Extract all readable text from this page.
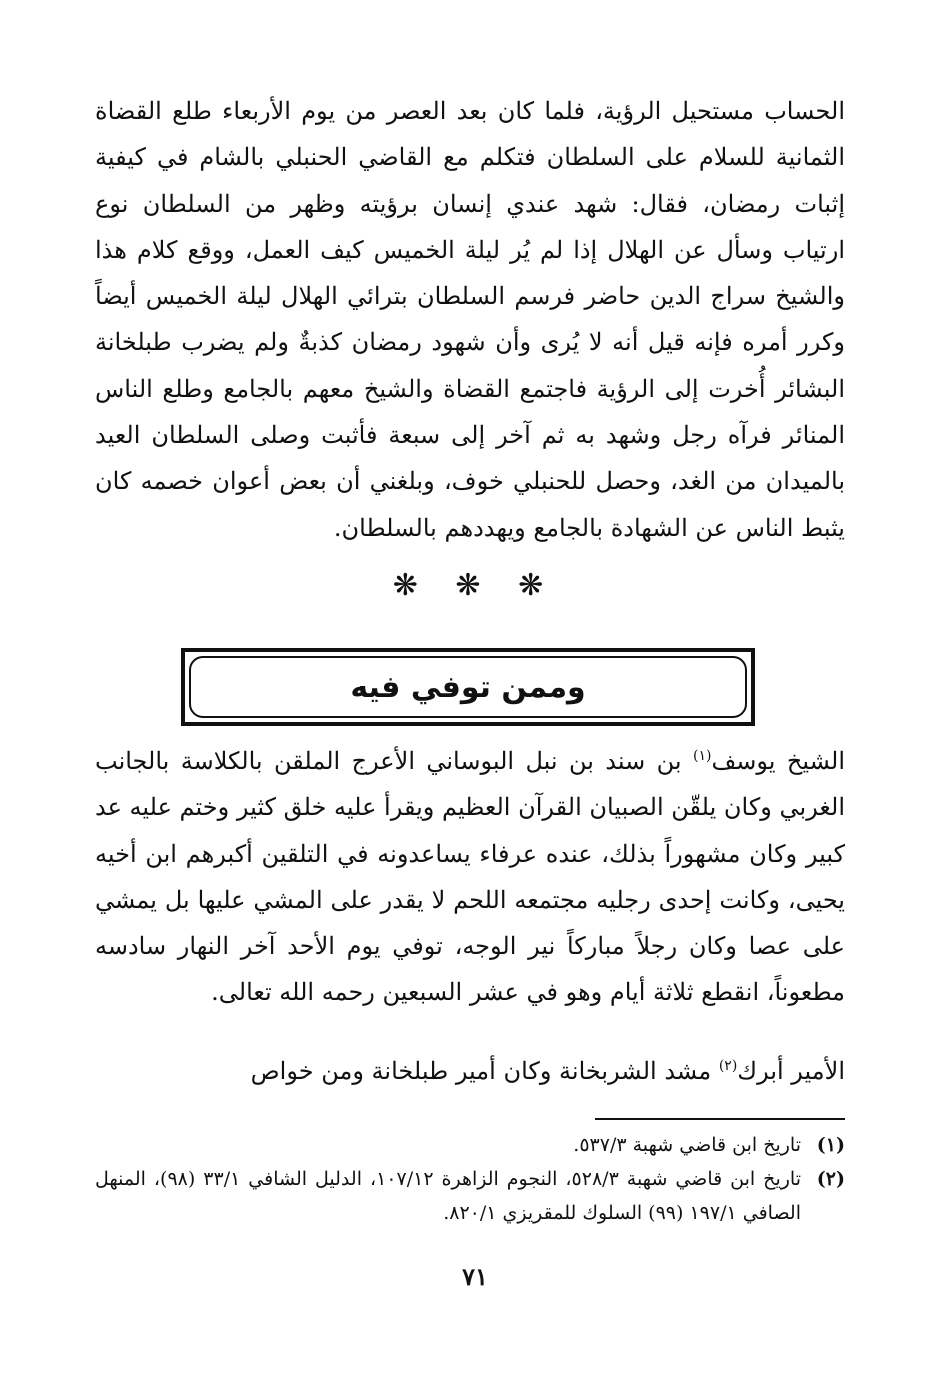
الحساب مستحيل الرؤية، فلما كان بعد العصر من يوم الأربعاء طلع القضاة الثمانية للسلام على السلطان فتكلم مع القاضي الحنبلي بالشام في كيفية إثبات رمضان، فقال: شهد عندي إنسان برؤيته وظهر من السلطان نوع ارتياب وسأل عن الهلال إذا لم يُر ليلة الخميس كيف العمل، ووقع كلام هذا والشيخ سراج الدين حاضر فرسم السلطان بترائي الهلال ليلة الخميس أيضاً وكرر أمره فإنه قيل أنه لا يُرى وأن شهود رمضان كذبةٌ ولم يضرب طبلخانة البشائر أُخرت إلى الرؤية فاجتمع القضاة والشيخ معهم بالجامع وطلع الناس المنائر فرآه رجل وشهد به ثم آخر إلى سبعة فأثبت وصلى السلطان العيد بالميدان من الغد، وحصل للحنبلي خوف، وبلغني أن بعض أعوان خصمه كان يثبط الناس عن الشهادة بالجامع ويهددهم بالسلطان.

❋ ❋ ❋
وممن توفي فيه

الشيخ يوسف$^{(١)}$ بن سند بن نبل البوساني الأعرج الملقن بالكلاسة بالجانب الغربي وكان يلقّن الصبيان القرآن العظيم ويقرأ عليه خلق كثير وختم عليه عد كبير وكان مشهوراً بذلك، عنده عرفاء يساعدونه في التلقين أكبرهم ابن أخيه يحيى، وكانت إحدى رجليه مجتمعه اللحم لا يقدر على المشي عليها بل يمشي على عصا وكان رجلاً مباركاً نير الوجه، توفي يوم الأحد آخر النهار سادسه مطعوناً، انقطع ثلاثة أيام وهو في عشر السبعين رحمه الله تعالى.

الأمير أبرك$^{(٢)}$ مشد الشربخانة وكان أمير طبلخانة ومن خواص

(١)
تاريخ ابن قاضي شهبة ٥٣٧/٣.

(٢)
تاريخ ابن قاضي شهبة ٥٢٨/٣، النجوم الزاهرة ١٠٧/١٢، الدليل الشافي ٣٣/١ (٩٨)، المنهل الصافي ١٩٧/١ (٩٩) السلوك للمقريزي ٨٢٠/١.

٧١
